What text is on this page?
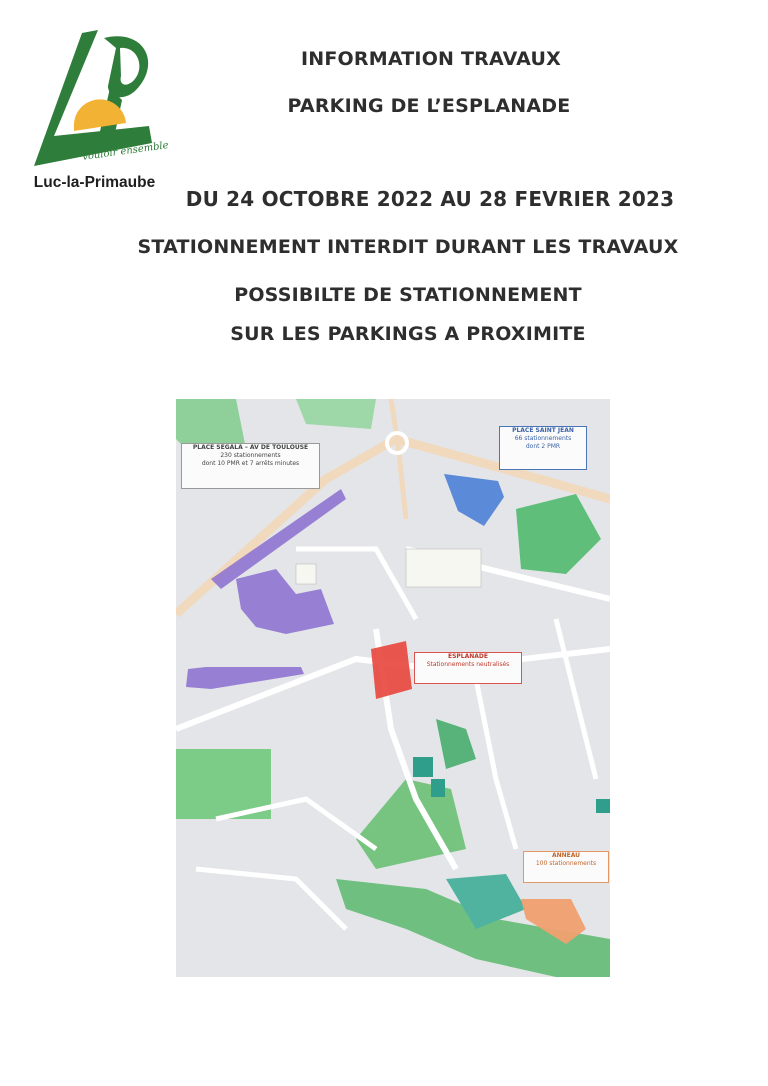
vouloir ensemble
Luc-la-Primaube
INFORMATION TRAVAUX
PARKING DE L’ESPLANADE
DU 24 OCTOBRE 2022 AU 28 FEVRIER 2023
STATIONNEMENT INTERDIT DURANT LES TRAVAUX
POSSIBILTE DE STATIONNEMENT
SUR LES PARKINGS A PROXIMITE
PLACE SEGALA – AV DE TOULOUSE
230 stationnements
dont 10 PMR et 7 arrêts minutes
PLACE SAINT JEAN
66 stationnements
dont 2 PMR
ESPLANADE
Stationnements neutralisés
ANNEAU
100 stationnements
